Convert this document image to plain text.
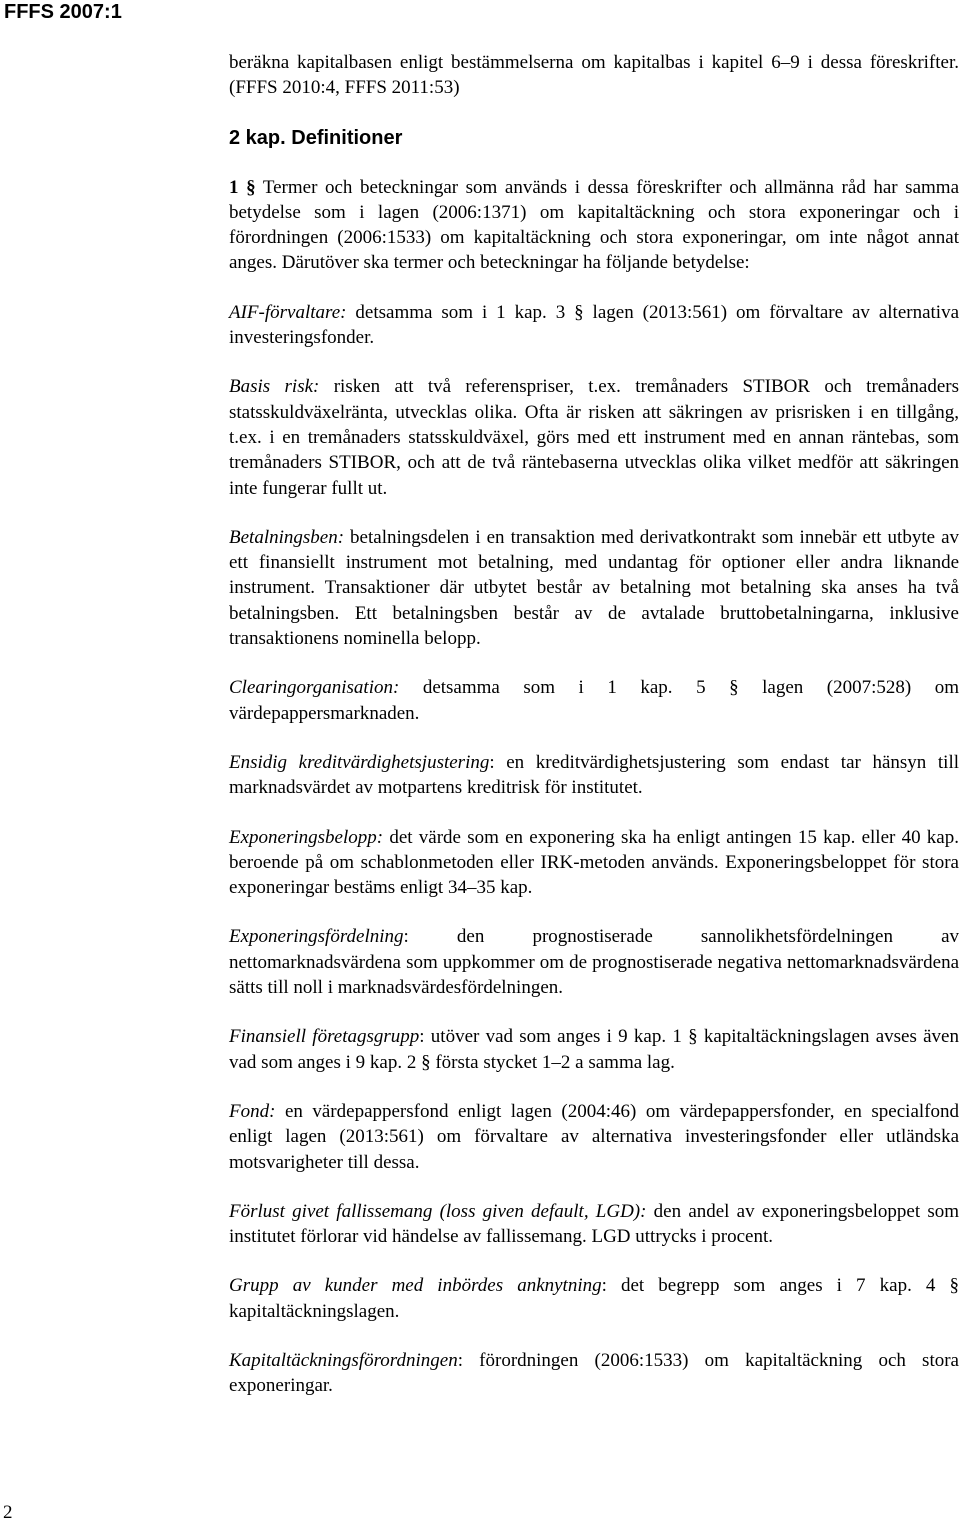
FFFS 2007:1

beräkna kapitalbasen enligt bestämmelserna om kapitalbas i kapitel 6–9 i dessa föreskrifter. (FFFS 2010:4, FFFS 2011:53)

2 kap. Definitioner

1 § Termer och beteckningar som används i dessa föreskrifter och allmänna råd har samma betydelse som i lagen (2006:1371) om kapitaltäckning och stora exponeringar och i förordningen (2006:1533) om kapitaltäckning och stora exponeringar, om inte något annat anges. Därutöver ska termer och beteckningar ha följande betydelse:

AIF-förvaltare: detsamma som i 1 kap. 3 § lagen (2013:561) om förvaltare av alternativa investeringsfonder.

Basis risk: risken att två referenspriser, t.ex. tremånaders STIBOR och tremånaders statsskuldväxelränta, utvecklas olika. Ofta är risken att säkringen av prisrisken i en tillgång, t.ex. i en tremånaders statsskuldväxel, görs med ett instrument med en annan räntebas, som tremånaders STIBOR, och att de två räntebaserna utvecklas olika vilket medför att säkringen inte fungerar fullt ut.

Betalningsben: betalningsdelen i en transaktion med derivatkontrakt som innebär ett utbyte av ett finansiellt instrument mot betalning, med undantag för optioner eller andra liknande instrument. Transaktioner där utbytet består av betalning mot betalning ska anses ha två betalningsben. Ett betalningsben består av de avtalade bruttobetalningarna, inklusive transaktionens nominella belopp.

Clearingorganisation: detsamma som i 1 kap. 5 § lagen (2007:528) om värdepappersmarknaden.

Ensidig kreditvärdighetsjustering: en kreditvärdighetsjustering som endast tar hänsyn till marknadsvärdet av motpartens kreditrisk för institutet.

Exponeringsbelopp: det värde som en exponering ska ha enligt antingen 15 kap. eller 40 kap. beroende på om schablonmetoden eller IRK-metoden används. Exponeringsbeloppet för stora exponeringar bestäms enligt 34–35 kap.

Exponeringsfördelning: den prognostiserade sannolikhetsfördelningen av nettomarknadsvärdena som uppkommer om de prognostiserade negativa nettomarknadsvärdena sätts till noll i marknadsvärdesfördelningen.

Finansiell företagsgrupp: utöver vad som anges i 9 kap. 1 § kapitaltäckningslagen avses även vad som anges i 9 kap. 2 § första stycket 1–2 a samma lag.

Fond: en värdepappersfond enligt lagen (2004:46) om värdepappersfonder, en specialfond enligt lagen (2013:561) om förvaltare av alternativa investeringsfonder eller utländska motsvarigheter till dessa.

Förlust givet fallissemang (loss given default, LGD): den andel av exponeringsbeloppet som institutet förlorar vid händelse av fallissemang. LGD uttrycks i procent.

Grupp av kunder med inbördes anknytning: det begrepp som anges i 7 kap. 4 § kapitaltäckningslagen.

Kapitaltäckningsförordningen: förordningen (2006:1533) om kapitaltäckning och stora exponeringar.

2
